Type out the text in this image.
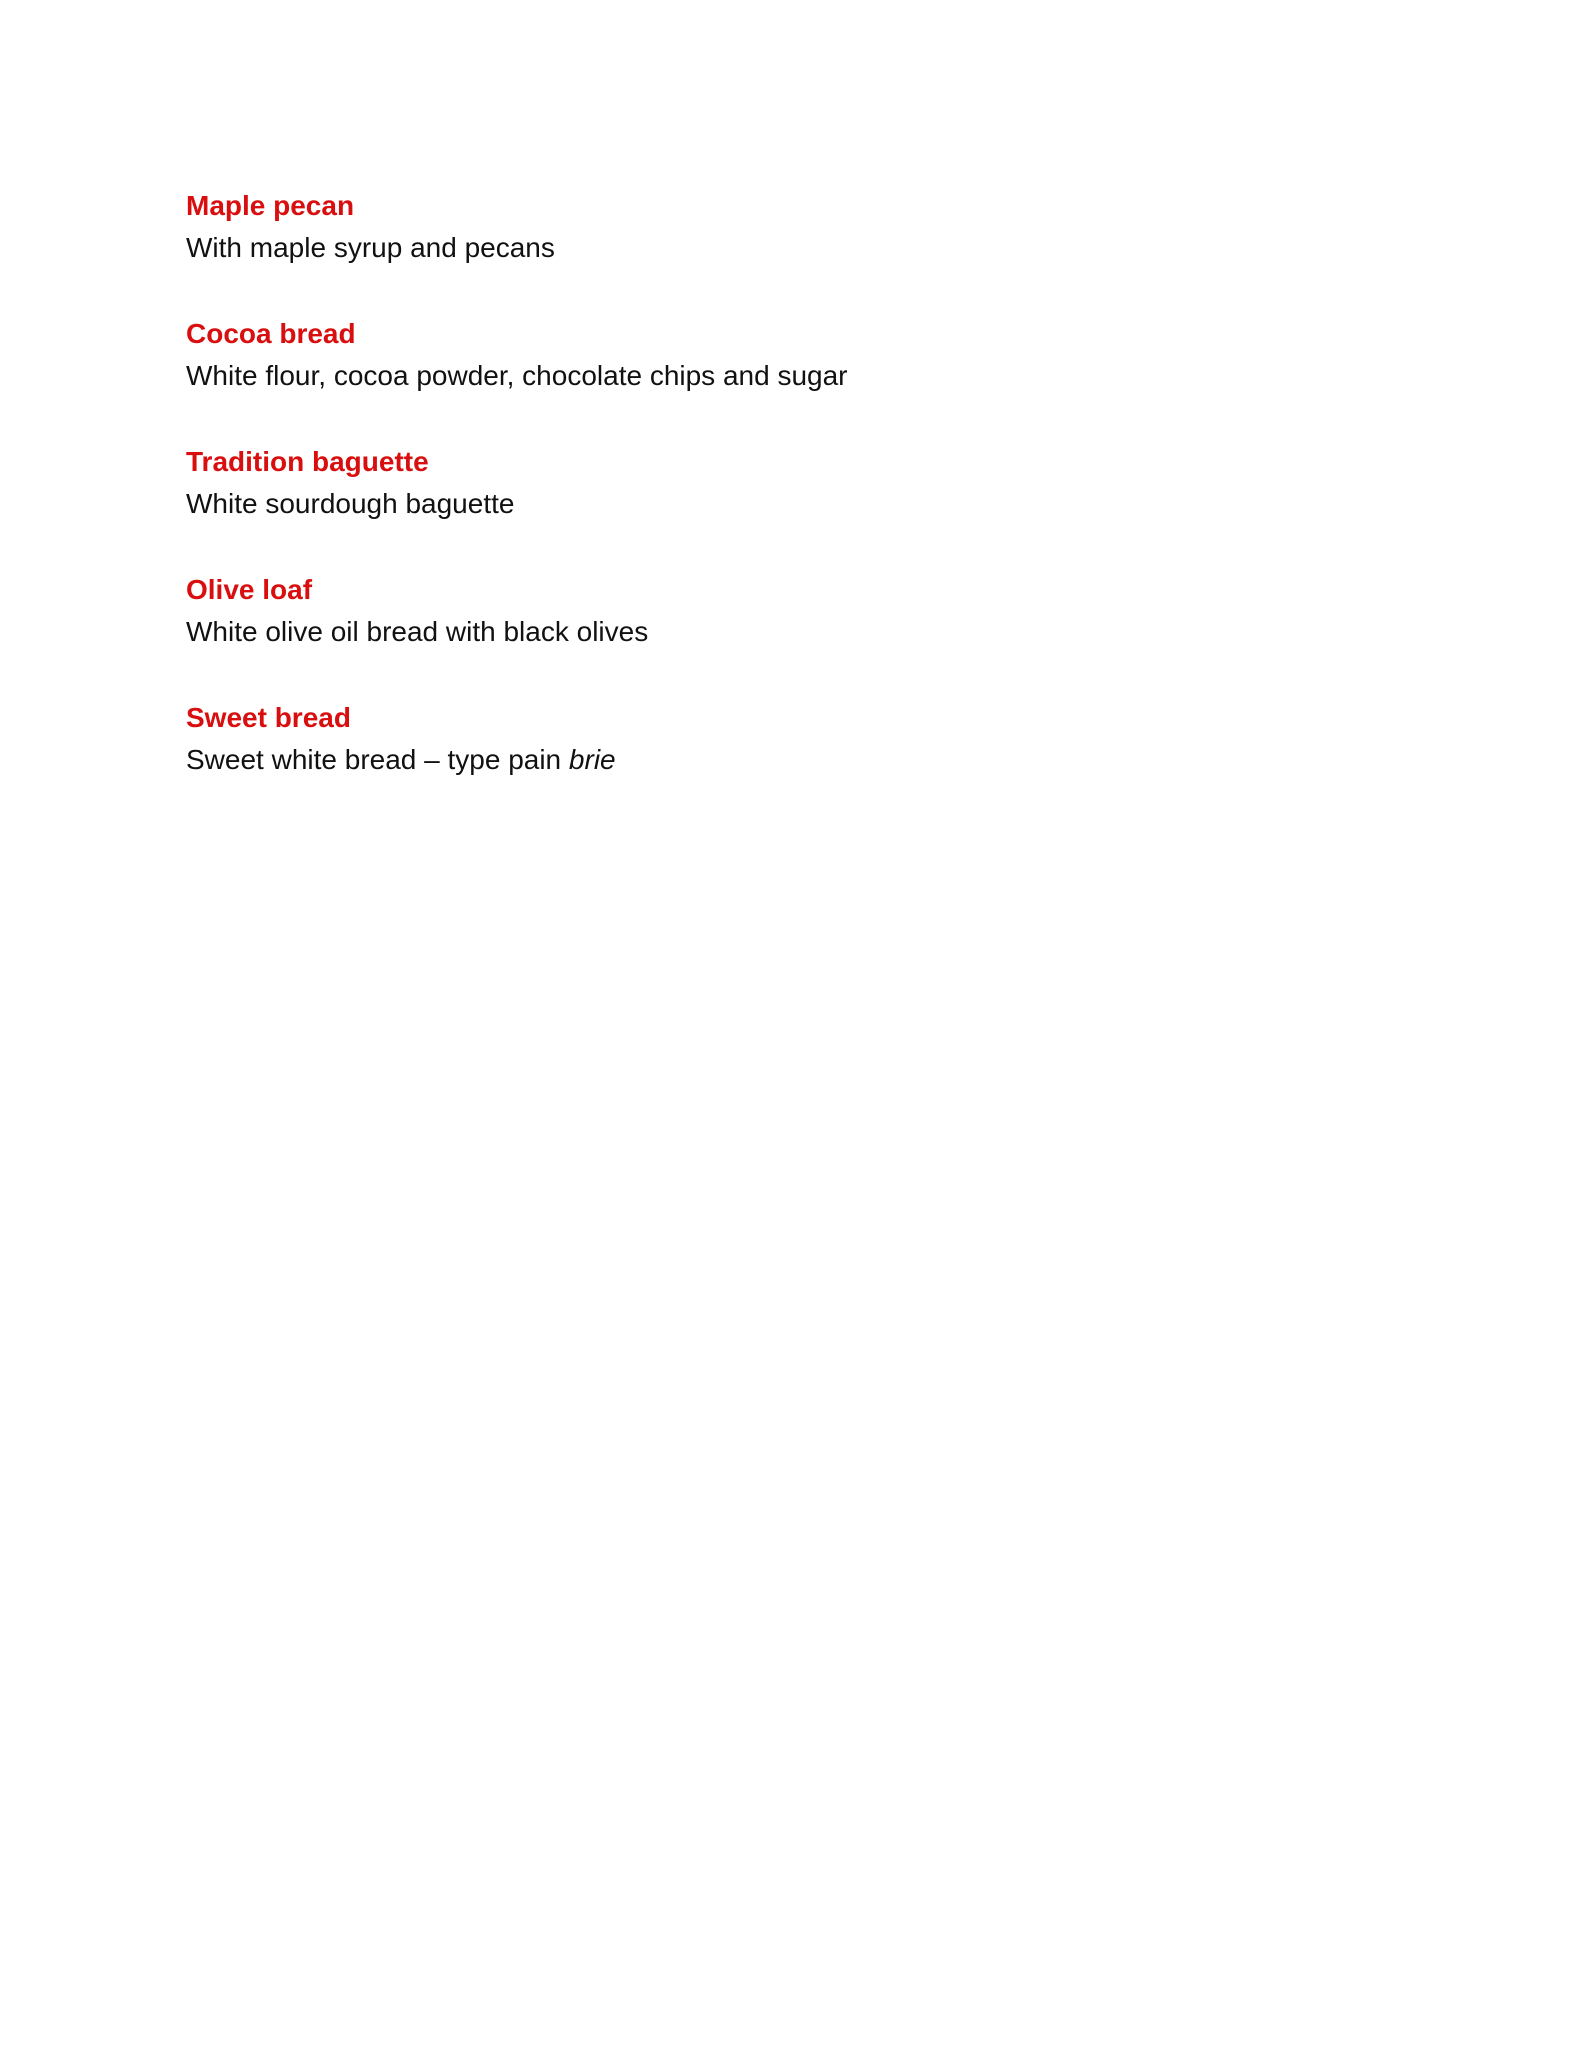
Maple pecan
With maple syrup and pecans
Cocoa bread
White flour, cocoa powder, chocolate chips and sugar
Tradition baguette
White sourdough baguette
Olive loaf
White olive oil bread with black olives
Sweet bread
Sweet white bread – type pain brie
